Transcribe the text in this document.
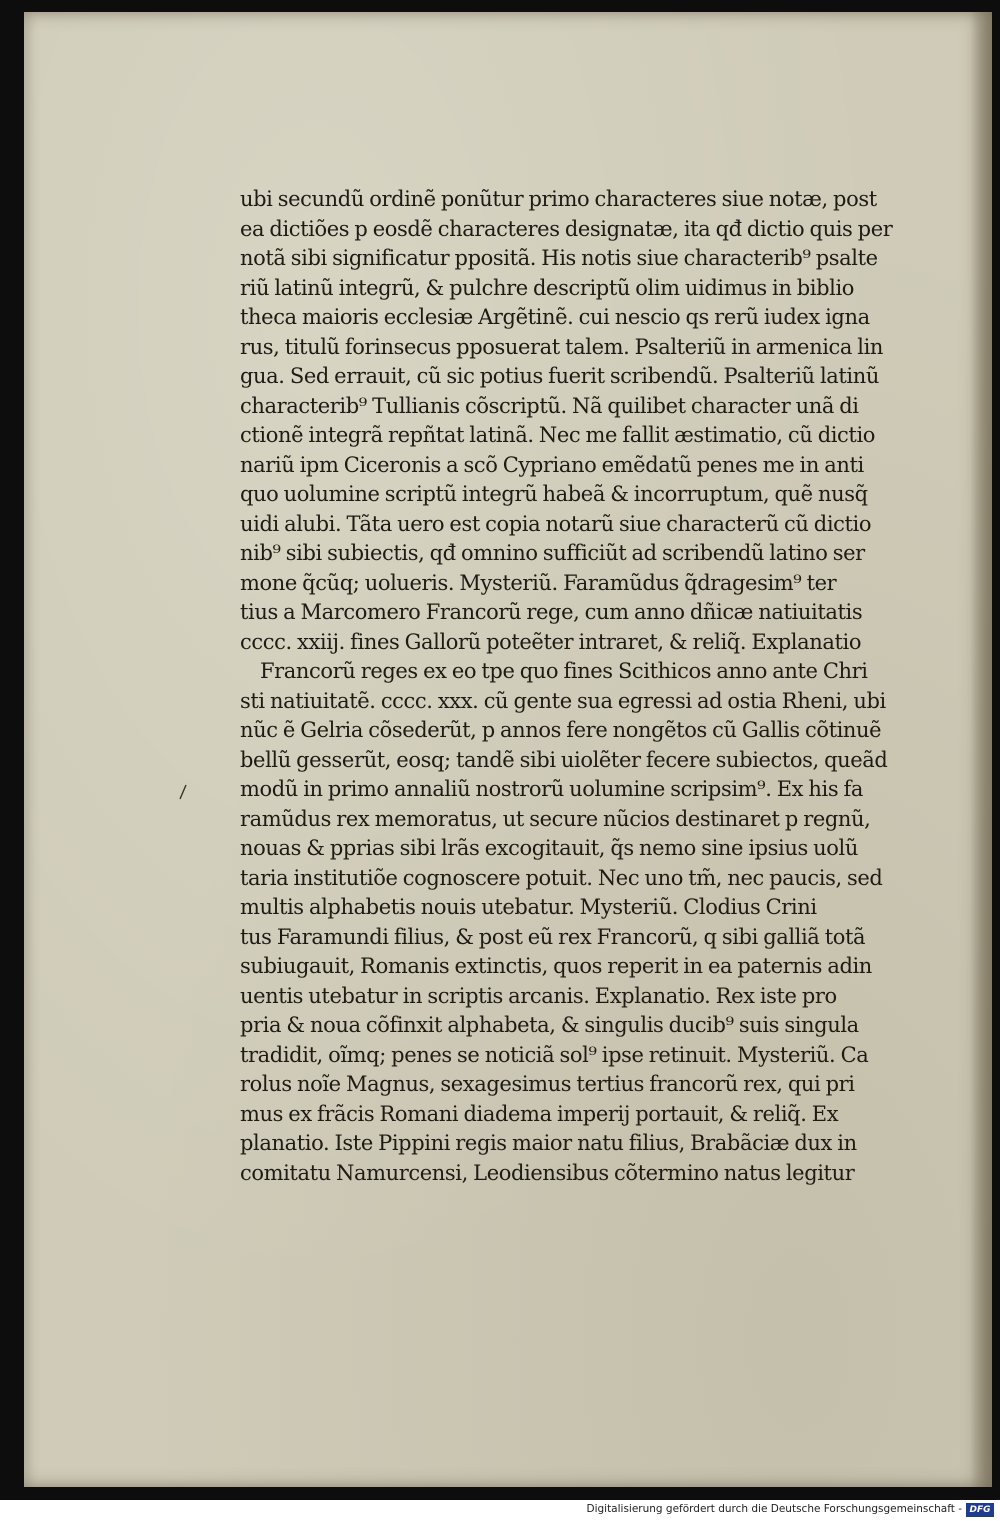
ubi secundũ ordinẽ ponũtur primo characteres siue notæ, post
ea dictiões p eosdẽ characteres designatæ, ita qđ dictio quis per
notã sibi significatur ppositã. His notis siue characterib⁹ psalte
riũ latinũ integrũ, & pulchre descriptũ olim uidimus in biblio
theca maioris ecclesiæ Argẽtinẽ. cui nescio qs rerũ iudex igna
rus, titulũ forinsecus pposuerat talem. Psalteriũ in armenica lin
gua. Sed errauit, cũ sic potius fuerit scribendũ. Psalteriũ latinũ
characterib⁹ Tullianis cõscriptũ. Nã quilibet character unã di
ctionẽ integrã repñtat latinã. Nec me fallit æstimatio, cũ dictio
nariũ ipm Ciceronis a scõ Cypriano emẽdatũ penes me in anti
quo uolumine scriptũ integrũ habeã & incorruptum, quẽ nusq̃
uidi alubi. Tãta uero est copia notarũ siue characterũ cũ dictio
nib⁹ sibi subiectis, qđ omnino sufficiũt ad scribendũ latino ser
mone q̃cũq; uolueris. Mysteriũ. Faramũdus q̃dragesim⁹ ter
tius a Marcomero Francorũ rege, cum anno dñicæ natiuitatis
cccc. xxiij. fines Gallorũ poteẽter intraret, & reliq̃. Explanatio
Francorũ reges ex eo tpe quo fines Scithicos anno ante Chri
sti natiuitatẽ. cccc. xxx. cũ gente sua egressi ad ostia Rheni, ubi
nũc ẽ Gelria cõsederũt, p annos fere nongẽtos cũ Gallis cõtinuẽ
bellũ gesserũt, eosq; tandẽ sibi uiolẽter fecere subiectos, queãd
modũ in primo annaliũ nostrorũ uolumine scripsim⁹. Ex his fa
ramũdus rex memoratus, ut secure nũcios destinaret p regnũ,
nouas & pprias sibi lrãs excogitauit, q̃s nemo sine ipsius uolũ
taria institutiõe cognoscere potuit. Nec uno tm̃, nec paucis, sed
multis alphabetis nouis utebatur. Mysteriũ. Clodius Crini
tus Faramundi filius, & post eũ rex Francorũ, q sibi galliã totã
subiugauit, Romanis extinctis, quos reperit in ea paternis adin
uentis utebatur in scriptis arcanis. Explanatio. Rex iste pro
pria & noua cõfinxit alphabeta, & singulis ducib⁹ suis singula
tradidit, oĩmq; penes se noticiã sol⁹ ipse retinuit. Mysteriũ. Ca
rolus noĩe Magnus, sexagesimus tertius francorũ rex, qui pri
mus ex frãcis Romani diadema imperij portauit, & reliq̃. Ex
planatio. Iste Pippini regis maior natu filius, Brabãciæ dux in
comitatu Namurcensi, Leodiensibus cõtermino natus legitur
Digitalisierung gefördert durch die Deutsche Forschungsgemeinschaft - DFG
